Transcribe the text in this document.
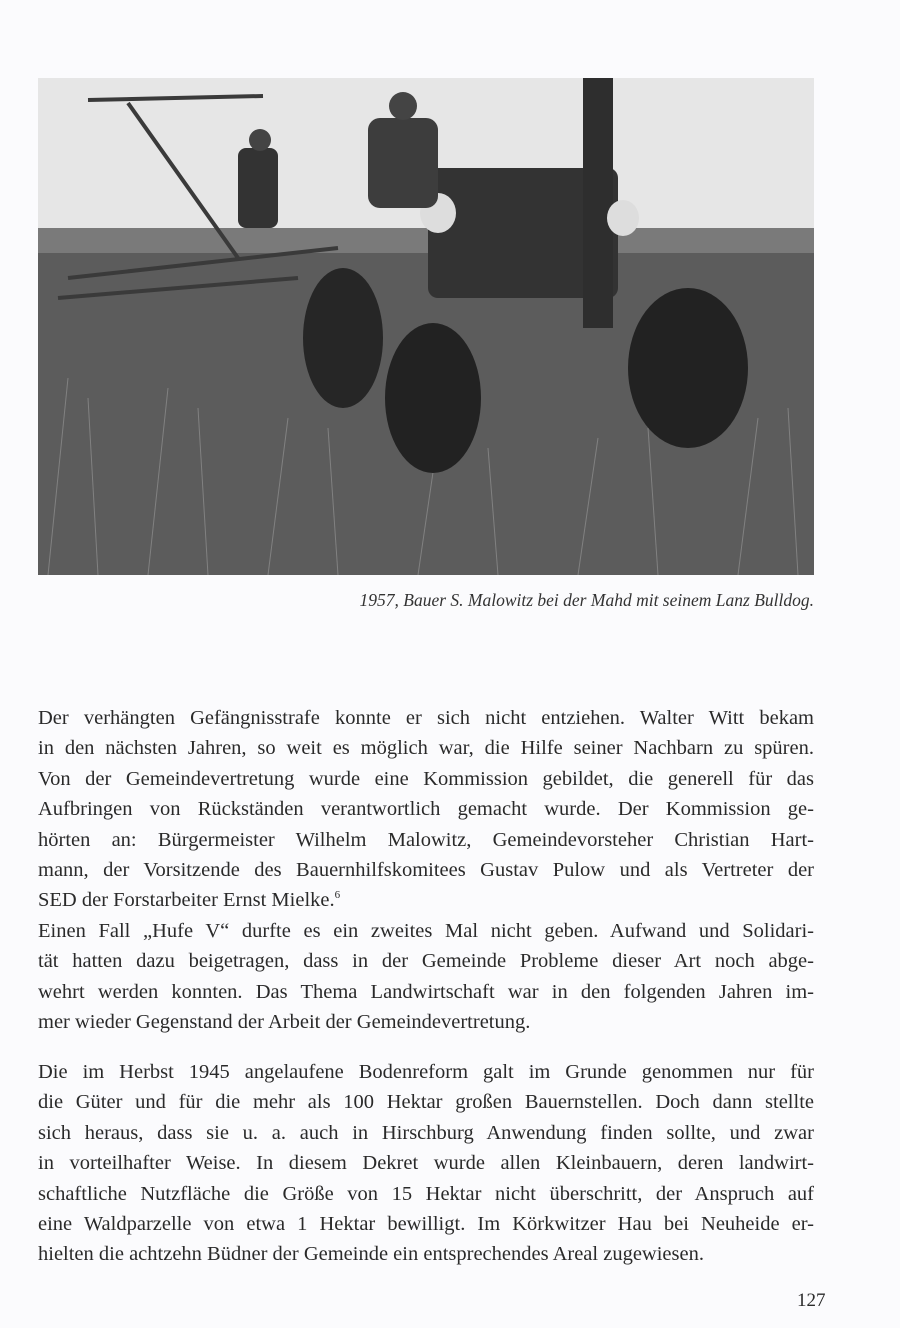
1957, Bauer S. Malowitz bei der Mahd mit seinem Lanz Bulldog.
Der verhängten Gefängnisstrafe konnte er sich nicht entziehen. Walter Witt bekam
in den nächsten Jahren, so weit es möglich war, die Hilfe seiner Nachbarn zu spüren.
Von der Gemeindevertretung wurde eine Kommission gebildet, die generell für das
Aufbringen von Rückständen verantwortlich gemacht wurde. Der Kommission ge-
hörten an: Bürgermeister Wilhelm Malowitz, Gemeindevorsteher Christian Hart-
mann, der Vorsitzende des Bauernhilfskomitees Gustav Pulow und als Vertreter der
SED der Forstarbeiter Ernst Mielke.$^6$
Einen Fall „Hufe V“ durfte es ein zweites Mal nicht geben. Aufwand und Solidari-
tät hatten dazu beigetragen, dass in der Gemeinde Probleme dieser Art noch abge-
wehrt werden konnten. Das Thema Landwirtschaft war in den folgenden Jahren im-
mer wieder Gegenstand der Arbeit der Gemeindevertretung.
Die im Herbst 1945 angelaufene Bodenreform galt im Grunde genommen nur für
die Güter und für die mehr als 100 Hektar großen Bauernstellen. Doch dann stellte
sich heraus, dass sie u. a. auch in Hirschburg Anwendung finden sollte, und zwar
in vorteilhafter Weise. In diesem Dekret wurde allen Kleinbauern, deren landwirt-
schaftliche Nutzfläche die Größe von 15 Hektar nicht überschritt, der Anspruch auf
eine Waldparzelle von etwa 1 Hektar bewilligt. Im Körkwitzer Hau bei Neuheide er-
hielten die achtzehn Büdner der Gemeinde ein entsprechendes Areal zugewiesen.
127
